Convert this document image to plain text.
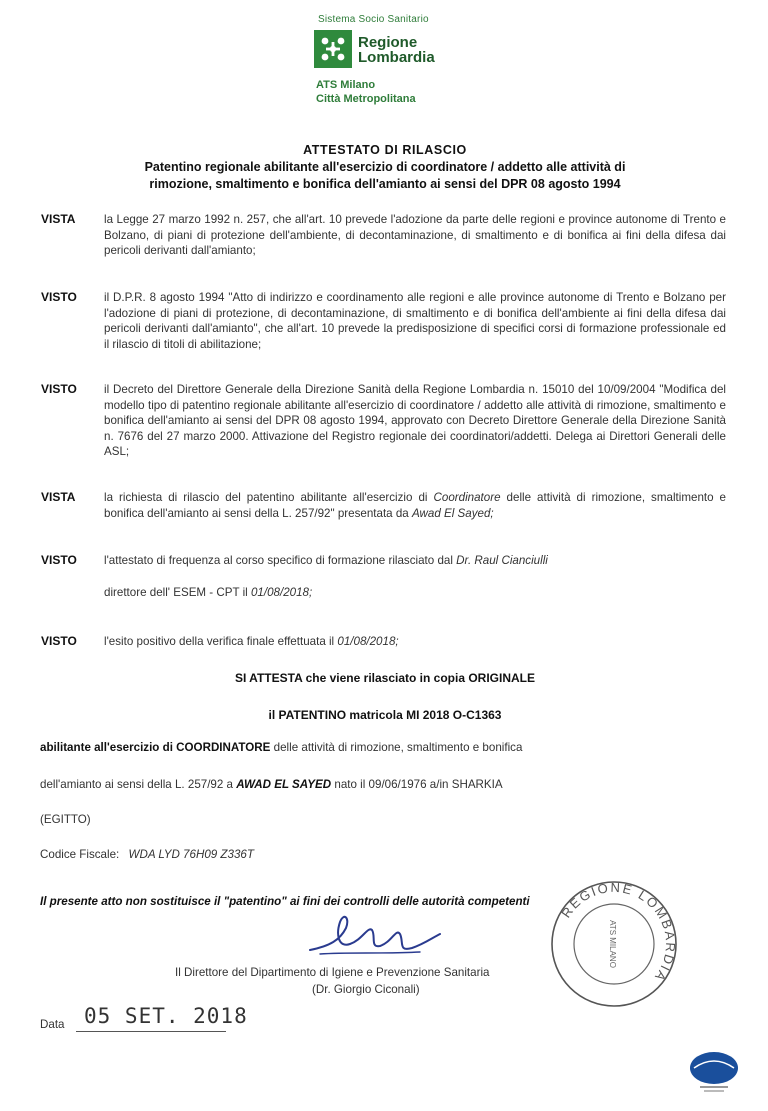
Sistema Socio Sanitario
Regione
Lombardia
ATS Milano
Città Metropolitana
ATTESTATO DI RILASCIO
Patentino regionale abilitante all'esercizio di coordinatore / addetto alle attività di
rimozione, smaltimento e bonifica dell'amianto ai sensi del DPR 08 agosto 1994
VISTA	la Legge 27 marzo 1992 n. 257, che all'art. 10 prevede l'adozione da parte delle regioni e province autonome di Trento e Bolzano, di piani di protezione dell'ambiente, di decontaminazione, di smaltimento e di bonifica ai fini della difesa dai pericoli derivanti dall'amianto;
VISTO	il D.P.R. 8 agosto 1994 "Atto di indirizzo e coordinamento alle regioni e alle province autonome di Trento e Bolzano per l'adozione di piani di protezione, di decontaminazione, di smaltimento e di bonifica dell'ambiente ai fini della difesa dai pericoli derivanti dall'amianto", che all'art. 10 prevede la predisposizione di specifici corsi di formazione professionale ed il rilascio di titoli di abilitazione;
VISTO	il Decreto del Direttore Generale della Direzione Sanità della Regione Lombardia n. 15010 del 10/09/2004 "Modifica del modello tipo di patentino regionale abilitante all'esercizio di coordinatore / addetto alle attività di rimozione, smaltimento e bonifica dell'amianto ai sensi del DPR 08 agosto 1994, approvato con Decreto Direttore Generale della Direzione Sanità n. 7676 del 27 marzo 2000. Attivazione del Registro regionale dei coordinatori/addetti. Delega ai Direttori Generali delle ASL;
VISTA	la richiesta di rilascio del patentino abilitante all'esercizio di Coordinatore delle attività di rimozione, smaltimento e bonifica dell'amianto ai sensi della L. 257/92" presentata da Awad El Sayed;
VISTO	l'attestato di frequenza al corso specifico di formazione rilasciato dal Dr. Raul Cianciulli
direttore dell' ESEM - CPT il 01/08/2018;
VISTO	l'esito positivo della verifica finale effettuata il 01/08/2018;
SI ATTESTA che viene rilasciato in copia ORIGINALE
il PATENTINO matricola MI 2018 O-C1363
abilitante all'esercizio di COORDINATORE delle attività di rimozione, smaltimento e bonifica
dell'amianto ai sensi della L. 257/92 a AWAD EL SAYED nato il 09/06/1976 a/in SHARKIA
(EGITTO)
Codice Fiscale: WDA LYD 76H09 Z336T
Il presente atto non sostituisce il "patentino" ai fini dei controlli delle autorità competenti
REGIONE LOMBARDIA
ATS MILANO
Il Direttore del Dipartimento di Igiene e Prevenzione Sanitaria
(Dr. Giorgio Ciconali)
Data 05 SET. 2018
